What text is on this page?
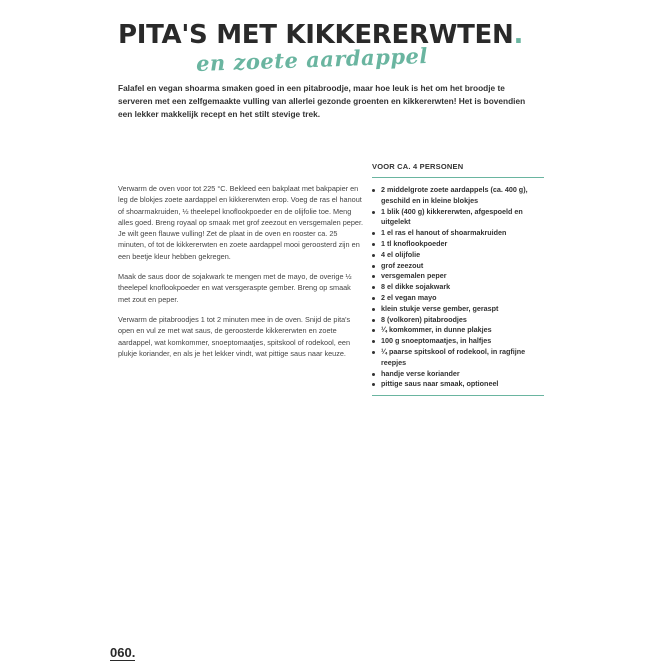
PITA'S MET KIKKERERWTEN.
en zoete aardappel

Falafel en vegan shoarma smaken goed in een pitabroodje, maar hoe leuk is het om het broodje te serveren met een zelfgemaakte vulling van allerlei gezonde groenten en kikkererwten! Het is bovendien een lekker makkelijk recept en het stilt stevige trek.

Verwarm de oven voor tot 225 °C. Bekleed een bakplaat met bakpapier en leg de blokjes zoete aardappel en kikkererwten erop. Voeg de ras el hanout of shoarmakruiden, ½ theelepel knoflookpoeder en de olijfolie toe. Meng alles goed. Breng royaal op smaak met grof zeezout en versgemalen peper. Je wilt geen flauwe vulling! Zet de plaat in de oven en rooster ca. 25 minuten, of tot de kikkererwten en zoete aardappel mooi geroosterd zijn en een beetje kleur hebben gekregen.

Maak de saus door de sojakwark te mengen met de mayo, de overige ½ theelepel knoflookpoeder en wat versgeraspte gember. Breng op smaak met zout en peper.

Verwarm de pitabroodjes 1 tot 2 minuten mee in de oven. Snijd de pita's open en vul ze met wat saus, de geroosterde kikkererwten en zoete aardappel, wat komkommer, snoeptomaatjes, spitskool of rodekool, een plukje koriander, en als je het lekker vindt, wat pittige saus naar keuze.

VOOR CA. 4 PERSONEN
2 middelgrote zoete aardappels (ca. 400 g), geschild en in kleine blokjes
1 blik (400 g) kikkererwten, afgespoeld en uitgelekt
1 el ras el hanout of shoarmakruiden
1 tl knoflookpoeder
4 el olijfolie
grof zeezout
versgemalen peper
8 el dikke sojakwark
2 el vegan mayo
klein stukje verse gember, geraspt
8 (volkoren) pitabroodjes
¼ komkommer, in dunne plakjes
100 g snoeptomaatjes, in halfjes
¼ paarse spitskool of rodekool, in ragfijne reepjes
handje verse koriander
pittige saus naar smaak, optioneel
060.
